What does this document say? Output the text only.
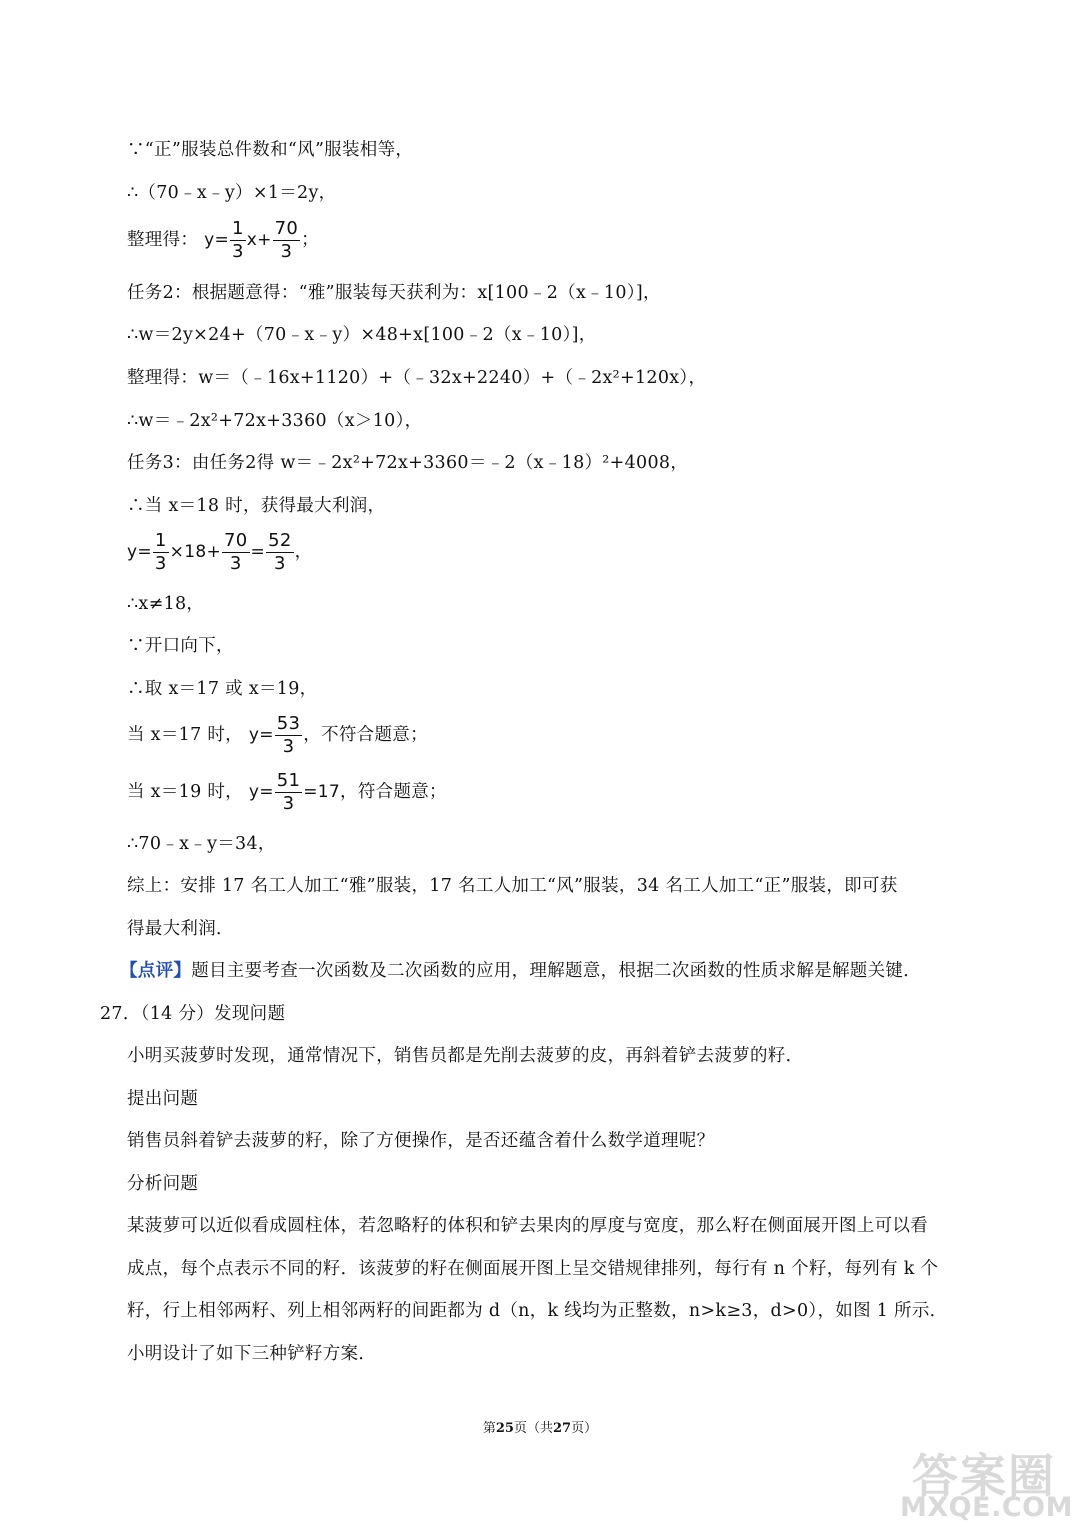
∵“正”服装总件数和“风”服装相等，
∴（70﹣x﹣y）×1＝2y，
整理得： $y= \frac{1}{3} x+ \frac{70}{3}$ ；
任务2：根据题意得：“雅”服装每天获利为：x[100﹣2（x﹣10）]，
∴w＝2y×24+（70﹣x﹣y）×48+x[100﹣2（x﹣10）]，
整理得：w＝（﹣16x+1120）+（﹣32x+2240）+（﹣2x²+120x），
∴w＝﹣2x²+72x+3360（x＞10），
任务3：由任务2得 w＝﹣2x²+72x+3360＝﹣2（x﹣18）²+4008，
∴当 x＝18 时，获得最大利润，
$y= \frac{1}{3} \times 18+ \frac{70}{3} = \frac{52}{3}$ ，
∴x≠18，
∵开口向下，
∴取 x＝17 或 x＝19，
当 x＝17 时， $y= \frac{53}{3}$ ，不符合题意；
当 x＝19 时， $y= \frac{51}{3} =17$，符合题意；
∴70﹣x﹣y＝34，
综上：安排 17 名工人加工“雅”服装，17 名工人加工“风”服装，34 名工人加工“正”服装，即可获
得最大利润．
【点评】题目主要考查一次函数及二次函数的应用，理解题意，根据二次函数的性质求解是解题关键．
27．（14 分）发现问题
小明买菠萝时发现，通常情况下，销售员都是先削去菠萝的皮，再斜着铲去菠萝的籽．
提出问题
销售员斜着铲去菠萝的籽，除了方便操作，是否还蕴含着什么数学道理呢？
分析问题
某菠萝可以近似看成圆柱体，若忽略籽的体积和铲去果肉的厚度与宽度，那么籽在侧面展开图上可以看
成点，每个点表示不同的籽．该菠萝的籽在侧面展开图上呈交错规律排列，每行有 n 个籽，每列有 k 个
籽，行上相邻两籽、列上相邻两籽的间距都为 d（n，k 线均为正整数，n>k≥3，d>0），如图 1 所示．
小明设计了如下三种铲籽方案．
第25页（共27页）
答案圈
MXQE.COM
